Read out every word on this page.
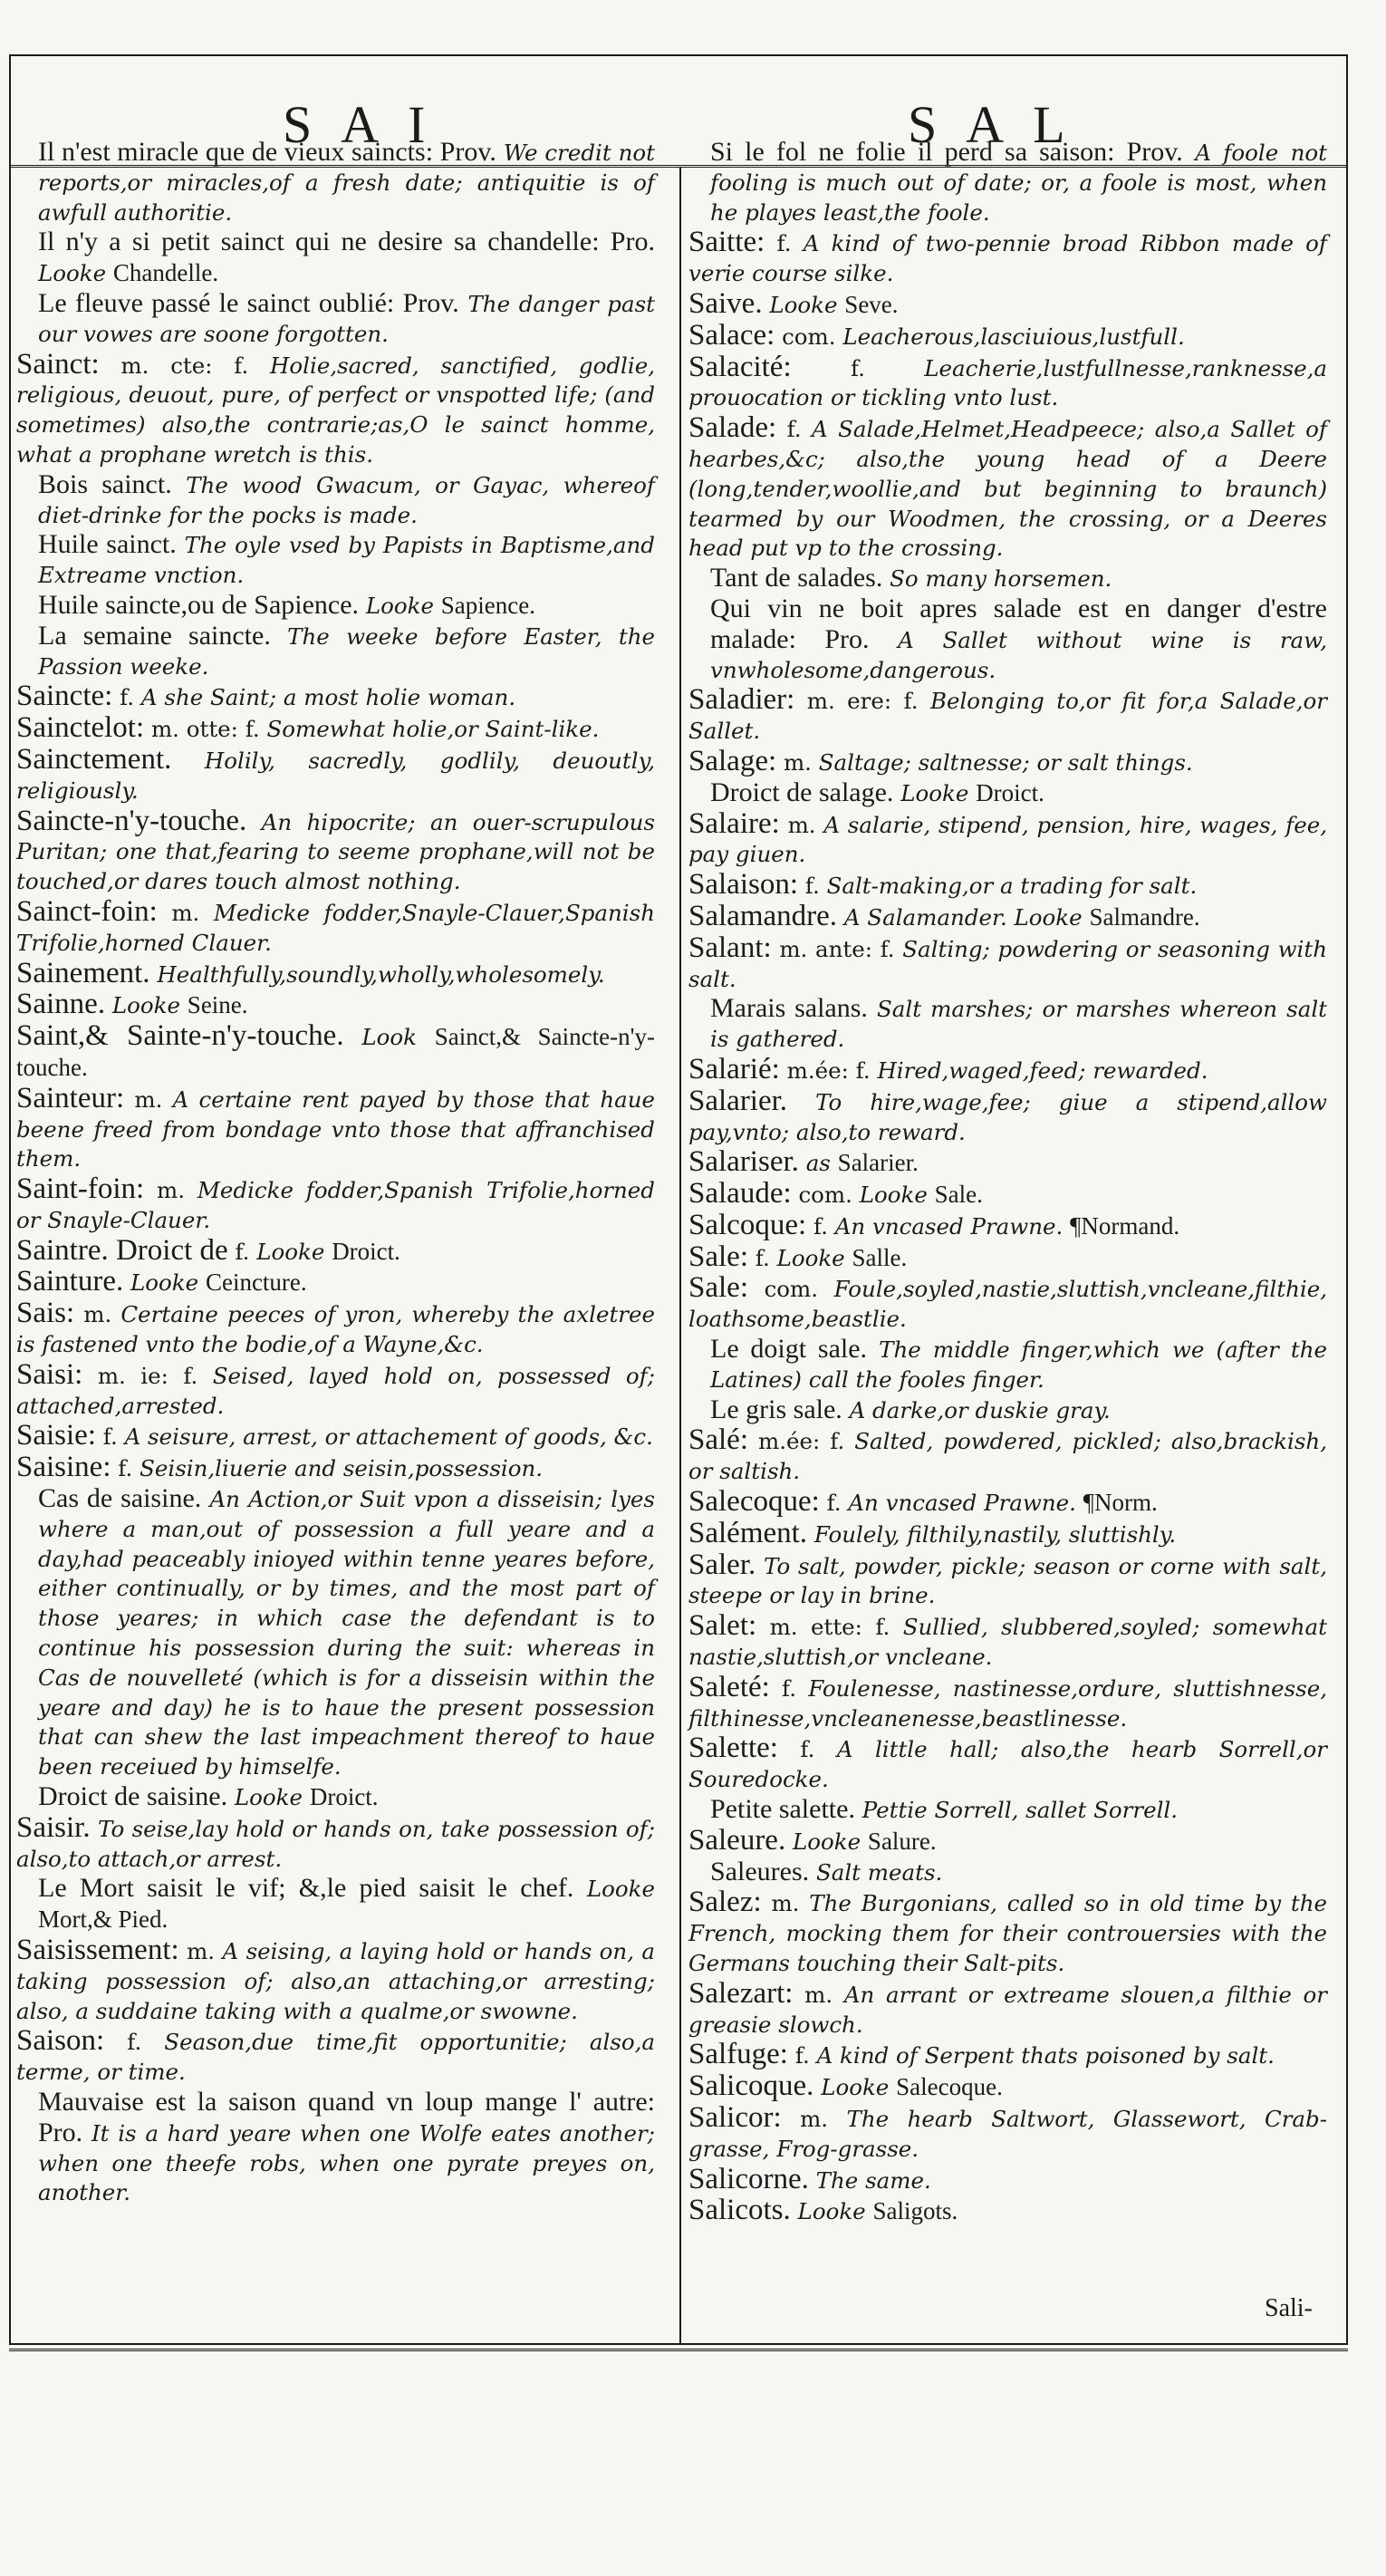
SAI	SAL

Il n'est miracle que de vieux saincts: Prov. We credit not reports,or miracles,of a fresh date; antiquitie is of awfull authoritie.

Il n'y a si petit sainct qui ne desire sa chandelle: Pro. Looke Chandelle.

Le fleuve passé le sainct oublié: Prov. The danger past our vowes are soone forgotten.

Sainct: m. cte: f. Holie,sacred, sanctified, godlie, religious, deuout, pure, of perfect or vnspotted life; (and sometimes) also,the contrarie;as,O le sainct homme, what a prophane wretch is this.

Bois sainct. The wood Gwacum, or Gayac, whereof diet-drinke for the pocks is made.

Huile sainct. The oyle vsed by Papists in Baptisme,and Extreame vnction.

Huile saincte,ou de Sapience. Looke Sapience.

La semaine saincte. The weeke before Easter, the Passion weeke.

Saincte: f. A she Saint; a most holie woman.

Sainctelot: m. otte: f. Somewhat holie,or Saint-like.

Sainctement. Holily, sacredly, godlily, deuoutly, religiously.

Saincte-n'y-touche. An hipocrite; an ouer-scrupulous Puritan; one that,fearing to seeme prophane,will not be touched,or dares touch almost nothing.

Sainct-foin: m. Medicke fodder,Snayle-Clauer,Spanish Trifolie,horned Clauer.

Sainement. Healthfully,soundly,wholly,wholesomely.

Sainne. Looke Seine.

Saint,& Sainte-n'y-touche. Look Sainct,& Saincte-n'y-touche.

Sainteur: m. A certaine rent payed by those that haue beene freed from bondage vnto those that affranchised them.

Saint-foin: m. Medicke fodder,Spanish Trifolie,horned or Snayle-Clauer.

Saintre. Droict de f. Looke Droict.

Sainture. Looke Ceincture.

Sais: m. Certaine peeces of yron, whereby the axletree is fastened vnto the bodie,of a Wayne,&c.

Saisi: m. ie: f. Seised, layed hold on, possessed of; attached,arrested.

Saisie: f. A seisure, arrest, or attachement of goods, &c.

Saisine: f. Seisin,liuerie and seisin,possession.

Cas de saisine. An Action,or Suit vpon a disseisin; lyes where a man,out of possession a full yeare and a day,had peaceably inioyed within tenne yeares before, either continually, or by times, and the most part of those yeares; in which case the defendant is to continue his possession during the suit: whereas in Cas de nouvelleté (which is for a disseisin within the yeare and day) he is to haue the present possession that can shew the last impeachment thereof to haue been receiued by himselfe.

Droict de saisine. Looke Droict.

Saisir. To seise,lay hold or hands on, take possession of; also,to attach,or arrest.

Le Mort saisit le vif; &,le pied saisit le chef. Looke Mort,& Pied.

Saisissement: m. A seising, a laying hold or hands on, a taking possession of; also,an attaching,or arresting; also, a suddaine taking with a qualme,or swowne.

Saison: f. Season,due time,fit opportunitie; also,a terme, or time.

Mauvaise est la saison quand vn loup mange l' autre: Pro. It is a hard yeare when one Wolfe eates another; when one theefe robs, when one pyrate preyes on, another.

Si le fol ne folie il perd sa saison: Prov. A foole not fooling is much out of date; or, a foole is most, when he playes least,the foole.

Saitte: f. A kind of two-pennie broad Ribbon made of verie course silke.

Saive. Looke Seve.

Salace: com. Leacherous,lasciuious,lustfull.

Salacité:	f.	Leacherie,lustfullnesse,ranknesse,a prouocation or tickling vnto lust.

Salade: f. A Salade,Helmet,Headpeece; also,a Sallet of hearbes,&c; also,the young head of a Deere (long,tender,woollie,and but beginning to braunch) tearmed by our Woodmen, the crossing, or a Deeres head put vp to the crossing.

Tant de salades. So many horsemen.

Qui vin ne boit apres salade est en danger d'estre malade: Pro. A Sallet without wine is raw, vnwholesome,dangerous.

Saladier: m. ere: f. Belonging to,or fit for,a Salade,or Sallet.

Salage: m. Saltage; saltnesse; or salt things.

Droict de salage. Looke Droict.

Salaire: m. A salarie, stipend, pension, hire, wages, fee, pay giuen.

Salaison: f. Salt-making,or a trading for salt.

Salamandre. A Salamander. Looke Salmandre.

Salant: m. ante: f. Salting; powdering or seasoning with salt.

Marais salans. Salt marshes; or marshes whereon salt is gathered.

Salarié: m.ée: f. Hired,waged,feed; rewarded.

Salarier. To hire,wage,fee; giue a stipend,allow pay,vnto; also,to reward.

Salariser. as Salarier.

Salaude: com. Looke Sale.

Salcoque: f. An vncased Prawne. ¶Normand.

Sale: f. Looke Salle.

Sale: com. Foule,soyled,nastie,sluttish,vncleane,filthie, loathsome,beastlie.

Le doigt sale. The middle finger,which we (after the Latines) call the fooles finger.

Le gris sale. A darke,or duskie gray.

Salé: m.ée: f. Salted, powdered, pickled; also,brackish, or saltish.

Salecoque: f. An vncased Prawne. ¶Norm.

Salément. Foulely, filthily,nastily, sluttishly.

Saler. To salt, powder, pickle; season or corne with salt, steepe or lay in brine.

Salet: m. ette: f. Sullied, slubbered,soyled; somewhat nastie,sluttish,or vncleane.

Saleté: f. Foulenesse, nastinesse,ordure, sluttishnesse, filthinesse,vncleanenesse,beastlinesse.

Salette: f. A little hall; also,the hearb Sorrell,or Souredocke.

Petite salette. Pettie Sorrell, sallet Sorrell.

Saleure. Looke Salure.

Saleures. Salt meats.

Salez: m. The Burgonians, called so in old time by the French, mocking them for their controuersies with the Germans touching their Salt-pits.

Salezart: m. An arrant or extreame slouen,a filthie or greasie slowch.

Salfuge: f. A kind of Serpent thats poisoned by salt.

Salicoque. Looke Salecoque.

Salicor: m. The hearb Saltwort, Glassewort, Crab-grasse, Frog-grasse.

Salicorne. The same.

Salicots. Looke Saligots.

Sali-
